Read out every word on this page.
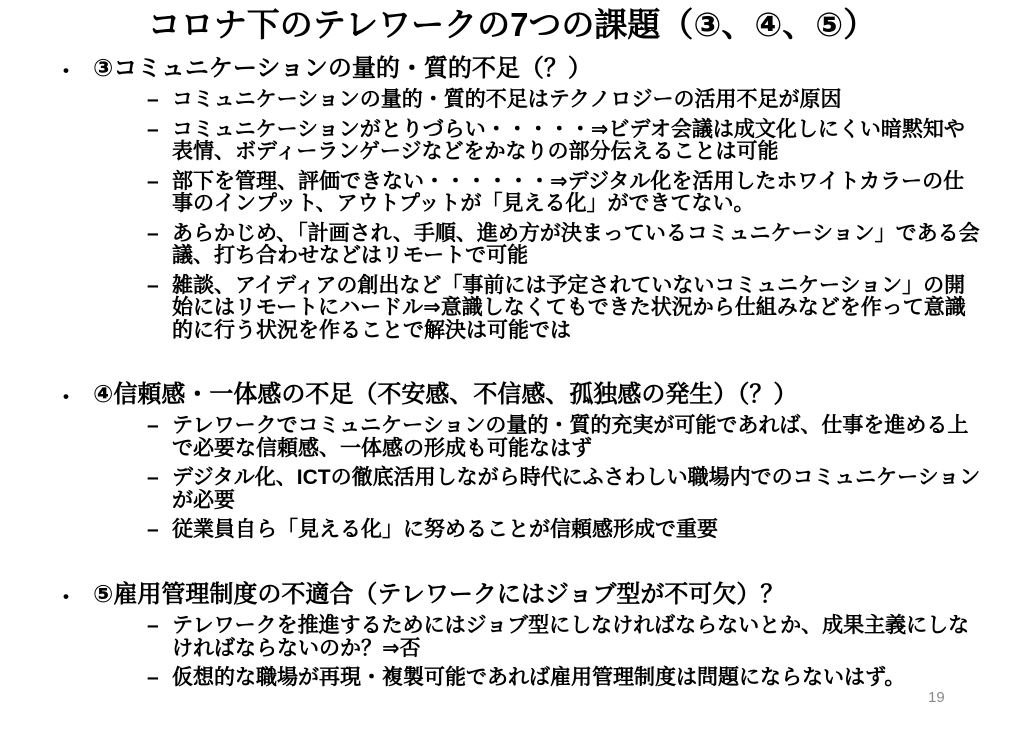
コロナ下のテレワークの7つの課題（③、④、⑤）
•	③コミュニケーションの量的・質的不足（？）
– コミュニケーションの量的・質的不足はテクノロジーの活用不足が原因
– コミュニケーションがとりづらい・・・・・⇒ビデオ会議は成文化しにくい暗黙知や表情、ボディーランゲージなどをかなりの部分伝えることは可能
– 部下を管理、評価できない・・・・・・⇒デジタル化を活用したホワイトカラーの仕事のインプット、アウトプットが「見える化」ができてない。
– あらかじめ、「計画され、手順、進め方が決まっているコミュニケーション」である会議、打ち合わせなどはリモートで可能
– 雑談、アイディアの創出など「事前には予定されていないコミュニケーション」の開始にはリモートにハードル⇒意識しなくてもできた状況から仕組みなどを作って意識的に行う状況を作ることで解決は可能では
•	④信頼感・一体感の不足（不安感、不信感、孤独感の発生）（？）
– テレワークでコミュニケーションの量的・質的充実が可能であれば、仕事を進める上で必要な信頼感、一体感の形成も可能なはず
– デジタル化、ICTの徹底活用しながら時代にふさわしい職場内でのコミュニケーションが必要
– 従業員自ら「見える化」に努めることが信頼感形成で重要
•	⑤雇用管理制度の不適合（テレワークにはジョブ型が不可欠）？
– テレワークを推進するためにはジョブ型にしなければならないとか、成果主義にしなければならないのか？⇒否
– 仮想的な職場が再現・複製可能であれば雇用管理制度は問題にならないはず。
19
